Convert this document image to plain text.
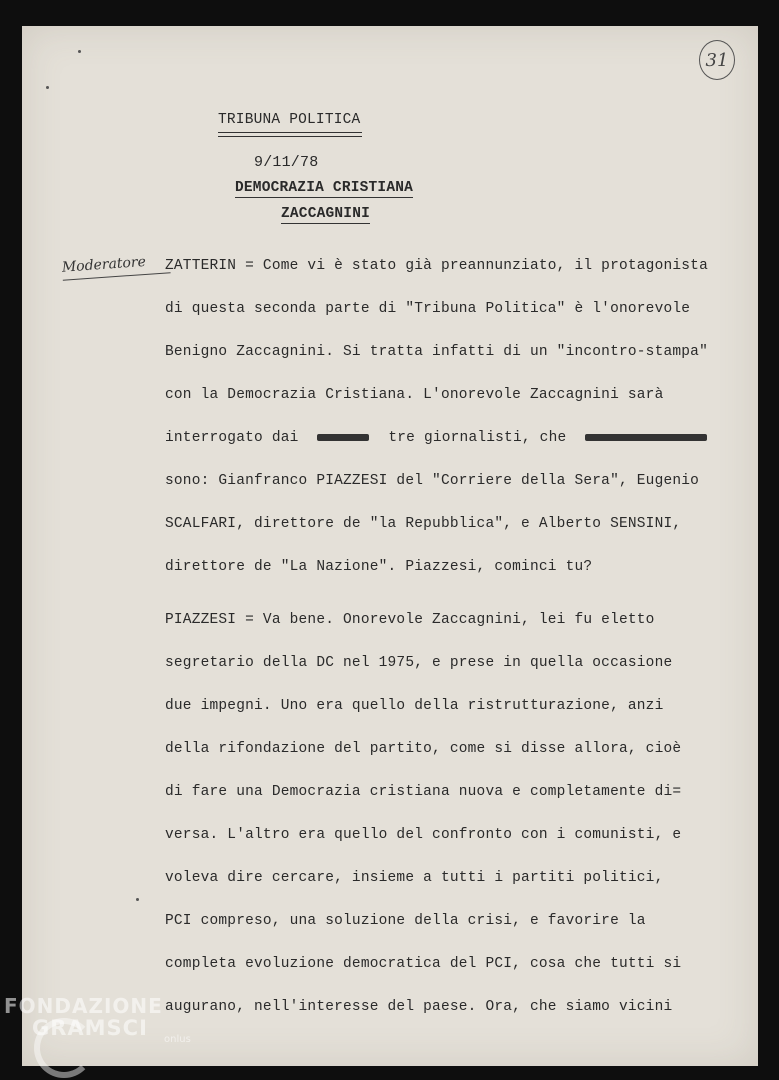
31
TRIBUNA POLITICA
9/11/78
DEMOCRAZIA CRISTIANA
ZACCAGNINI
Moderatore	ZATTERIN = Come vi è stato già preannunziato, il protagonista
di questa seconda parte di "Tribuna Politica" è l'onorevole
Benigno Zaccagnini. Si tratta infatti di un "incontro-stampa"
con la Democrazia Cristiana. L'onorevole Zaccagnini sarà
interrogato dai	tre giornalisti, che
sono: Gianfranco PIAZZESI del "Corriere della Sera", Eugenio
SCALFARI, direttore de "la Repubblica", e Alberto SENSINI,
direttore de "La Nazione". Piazzesi, cominci tu?
PIAZZESI = Va bene. Onorevole Zaccagnini, lei fu eletto
segretario della DC nel 1975, e prese in quella occasione
due impegni. Uno era quello della ristrutturazione, anzi
della rifondazione del partito, come si disse allora, cioè
di fare una Democrazia cristiana nuova e completamente di=
versa. L'altro era quello del confronto con i comunisti, e
voleva dire cercare, insieme a tutti i partiti politici,
PCI compreso, una soluzione della crisi, e favorire la
completa evoluzione democratica del PCI, cosa che tutti si
augurano, nell'interesse del paese. Ora, che siamo vicini
FONDAZIONE
GRAMSCI	onlus
